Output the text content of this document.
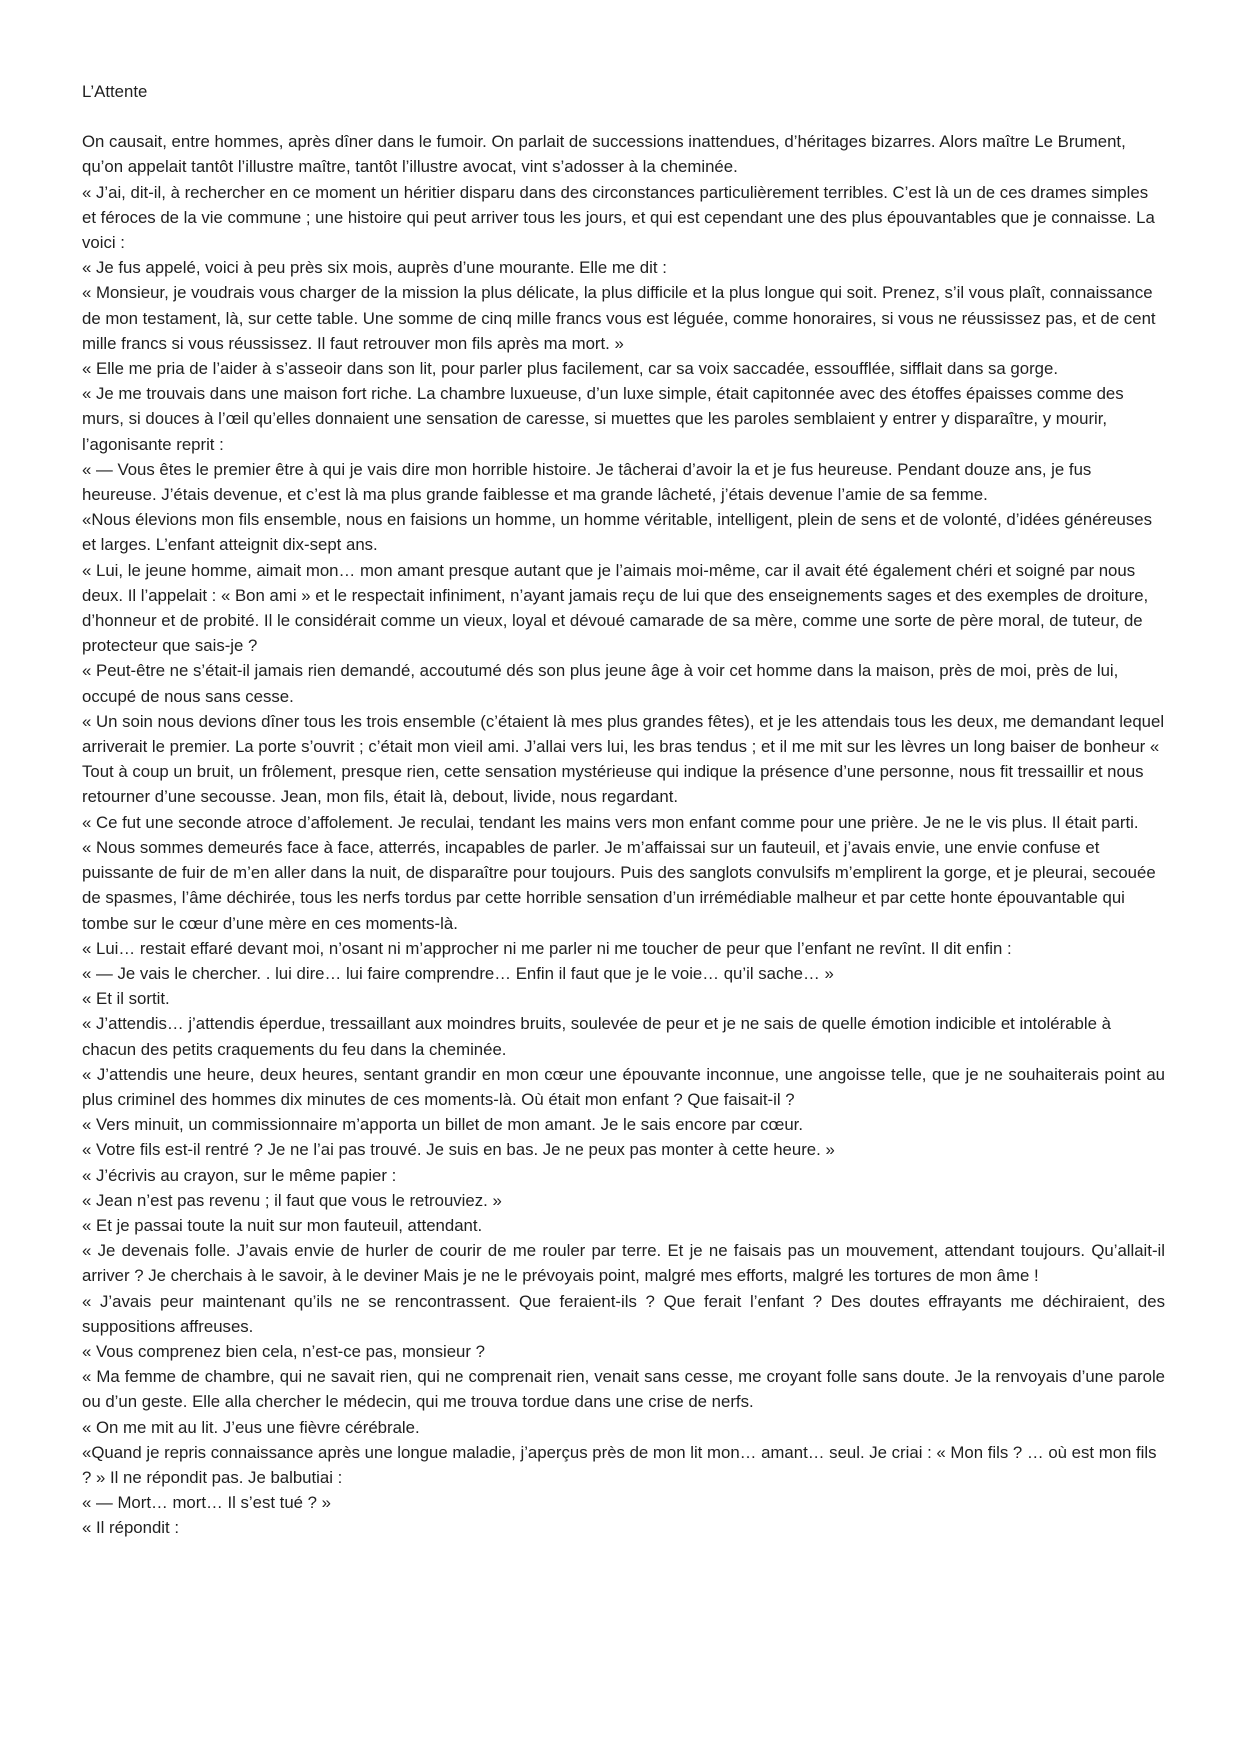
L’Attente

On causait, entre hommes, après dîner dans le fumoir. On parlait de successions inattendues, d’héritages bizarres. Alors maître Le Brument, qu’on appelait tantôt l’illustre maître, tantôt l’illustre avocat, vint s’adosser à la cheminée.

« J’ai, dit-il, à rechercher en ce moment un héritier disparu dans des circonstances particulièrement terribles. C’est là un de ces drames simples et féroces de la vie commune ; une histoire qui peut arriver tous les jours, et qui est cependant une des plus épouvantables que je connaisse. La voici :

« Je fus appelé, voici à peu près six mois, auprès d’une mourante. Elle me dit :

« Monsieur, je voudrais vous charger de la mission la plus délicate, la plus difficile et la plus longue qui soit. Prenez, s’il vous plaît, connaissance de mon testament, là, sur cette table. Une somme de cinq mille francs vous est léguée, comme honoraires, si vous ne réussissez pas, et de cent mille francs si vous réussissez. Il faut retrouver mon fils après ma mort. »

« Elle me pria de l’aider à s’asseoir dans son lit, pour parler plus facilement, car sa voix saccadée, essoufflée, sifflait dans sa gorge.

« Je me trouvais dans une maison fort riche. La chambre luxueuse, d’un luxe simple, était capitonnée avec des étoffes épaisses comme des murs, si douces à l’œil qu’elles donnaient une sensation de caresse, si muettes que les paroles semblaient y entrer y disparaître, y mourir, l’agonisante reprit :

« — Vous êtes le premier être à qui je vais dire mon horrible histoire. Je tâcherai d’avoir la et je fus heureuse. Pendant douze ans, je fus heureuse. J’étais devenue, et c’est là ma plus grande faiblesse et ma grande lâcheté, j’étais devenue l’amie de sa femme.

«Nous élevions mon fils ensemble, nous en faisions un homme, un homme véritable, intelligent, plein de sens et de volonté, d’idées généreuses et larges. L’enfant atteignit dix-sept ans.

« Lui, le jeune homme, aimait mon… mon amant presque autant que je l’aimais moi-même, car il avait été également chéri et soigné par nous deux. Il l’appelait : « Bon ami » et le respectait infiniment, n’ayant jamais reçu de lui que des enseignements sages et des exemples de droiture, d’honneur et de probité. Il le considérait comme un vieux, loyal et dévoué camarade de sa mère, comme une sorte de père moral, de tuteur, de protecteur que sais-je ?

« Peut-être ne s’était-il jamais rien demandé, accoutumé dés son plus jeune âge à voir cet homme dans la maison, près de moi, près de lui, occupé de nous sans cesse.

« Un soin nous devions dîner tous les trois ensemble (c’étaient là mes plus grandes fêtes), et je les attendais tous les deux, me demandant lequel arriverait le premier. La porte s’ouvrit ; c’était mon vieil ami. J’allai vers lui, les bras tendus ; et il me mit sur les lèvres un long baiser de bonheur « Tout à coup un bruit, un frôlement, presque rien, cette sensation mystérieuse qui indique la présence d’une personne, nous fit tressaillir et nous retourner d’une secousse. Jean, mon fils, était là, debout, livide, nous regardant.

« Ce fut une seconde atroce d’affolement. Je reculai, tendant les mains vers mon enfant comme pour une prière. Je ne le vis plus. Il était parti.

« Nous sommes demeurés face à face, atterrés, incapables de parler. Je m’affaissai sur un fauteuil, et j’avais envie, une envie confuse et puissante de fuir de m’en aller dans la nuit, de disparaître pour toujours. Puis des sanglots convulsifs m’emplirent la gorge, et je pleurai, secouée de spasmes, l’âme déchirée, tous les nerfs tordus par cette horrible sensation d’un irrémédiable malheur et par cette honte épouvantable qui tombe sur le cœur d’une mère en ces moments-là.

« Lui… restait effaré devant moi, n’osant ni m’approcher ni me parler ni me toucher de peur que l’enfant ne revînt. Il dit enfin :

« — Je vais le chercher. . lui dire… lui faire comprendre… Enfin il faut que je le voie… qu’il sache… »

« Et il sortit.

« J’attendis… j’attendis éperdue, tressaillant aux moindres bruits, soulevée de peur et je ne sais de quelle émotion indicible et intolérable à chacun des petits craquements du feu dans la cheminée.

« J’attendis une heure, deux heures, sentant grandir en mon cœur une épouvante inconnue, une angoisse telle, que je ne souhaiterais point au plus criminel des hommes dix minutes de ces moments-là. Où était mon enfant ? Que faisait-il ?

« Vers minuit, un commissionnaire m’apporta un billet de mon amant. Je le sais encore par cœur.

« Votre fils est-il rentré ? Je ne l’ai pas trouvé. Je suis en bas. Je ne peux pas monter à cette heure. »

« J’écrivis au crayon, sur le même papier :

« Jean n’est pas revenu ; il faut que vous le retrouviez. »

« Et je passai toute la nuit sur mon fauteuil, attendant.

« Je devenais folle. J’avais envie de hurler de courir de me rouler par terre. Et je ne faisais pas un mouvement, attendant toujours. Qu’allait-il arriver ? Je cherchais à le savoir, à le deviner Mais je ne le prévoyais point, malgré mes efforts, malgré les tortures de mon âme !

« J’avais peur maintenant qu’ils ne se rencontrassent. Que feraient-ils ? Que ferait l’enfant ? Des doutes effrayants me déchiraient, des suppositions affreuses.

« Vous comprenez bien cela, n’est-ce pas, monsieur ?

« Ma femme de chambre, qui ne savait rien, qui ne comprenait rien, venait sans cesse, me croyant folle sans doute. Je la renvoyais d’une parole ou d’un geste. Elle alla chercher le médecin, qui me trouva tordue dans une crise de nerfs.

« On me mit au lit. J’eus une fièvre cérébrale.

«Quand je repris connaissance après une longue maladie, j’aperçus près de mon lit mon… amant… seul. Je criai : « Mon fils ? … où est mon fils ? » Il ne répondit pas. Je balbutiai :

« — Mort… mort… Il s’est tué ? »

« Il répondit :
